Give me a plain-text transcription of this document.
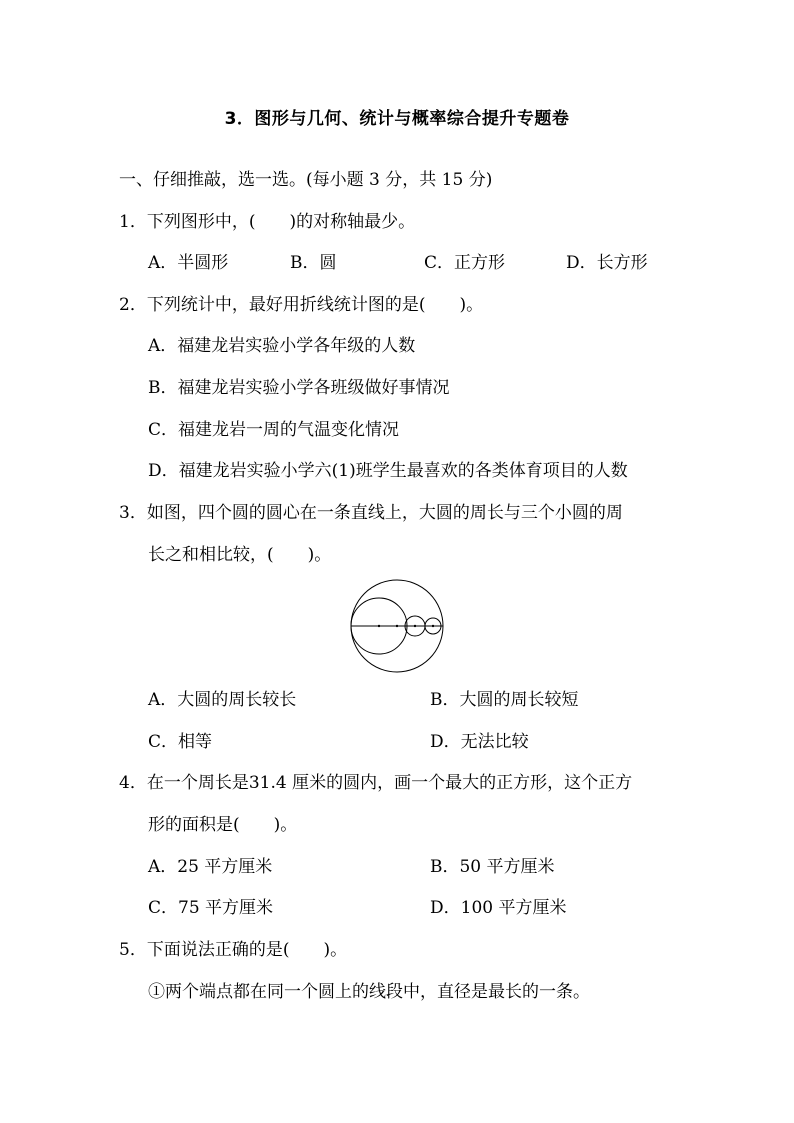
3．图形与几何、统计与概率综合提升专题卷
一、仔细推敲，选一选。(每小题 3 分，共 15 分)
1．下列图形中，(　　)的对称轴最少。
A．半圆形	B．圆	C．正方形	D．长方形
2．下列统计中，最好用折线统计图的是(　　)。
A．福建龙岩实验小学各年级的人数
B．福建龙岩实验小学各班级做好事情况
C．福建龙岩一周的气温变化情况
D．福建龙岩实验小学六(1)班学生最喜欢的各类体育项目的人数
3．如图，四个圆的圆心在一条直线上，大圆的周长与三个小圆的周
长之和相比较，(　　)。
A．大圆的周长较长	B．大圆的周长较短
C．相等	D．无法比较
4．在一个周长是31.4 厘米的圆内，画一个最大的正方形，这个正方
形的面积是(　　)。
A．25 平方厘米	B．50 平方厘米
C．75 平方厘米	D．100 平方厘米
5．下面说法正确的是(　　)。
①两个端点都在同一个圆上的线段中，直径是最长的一条。
